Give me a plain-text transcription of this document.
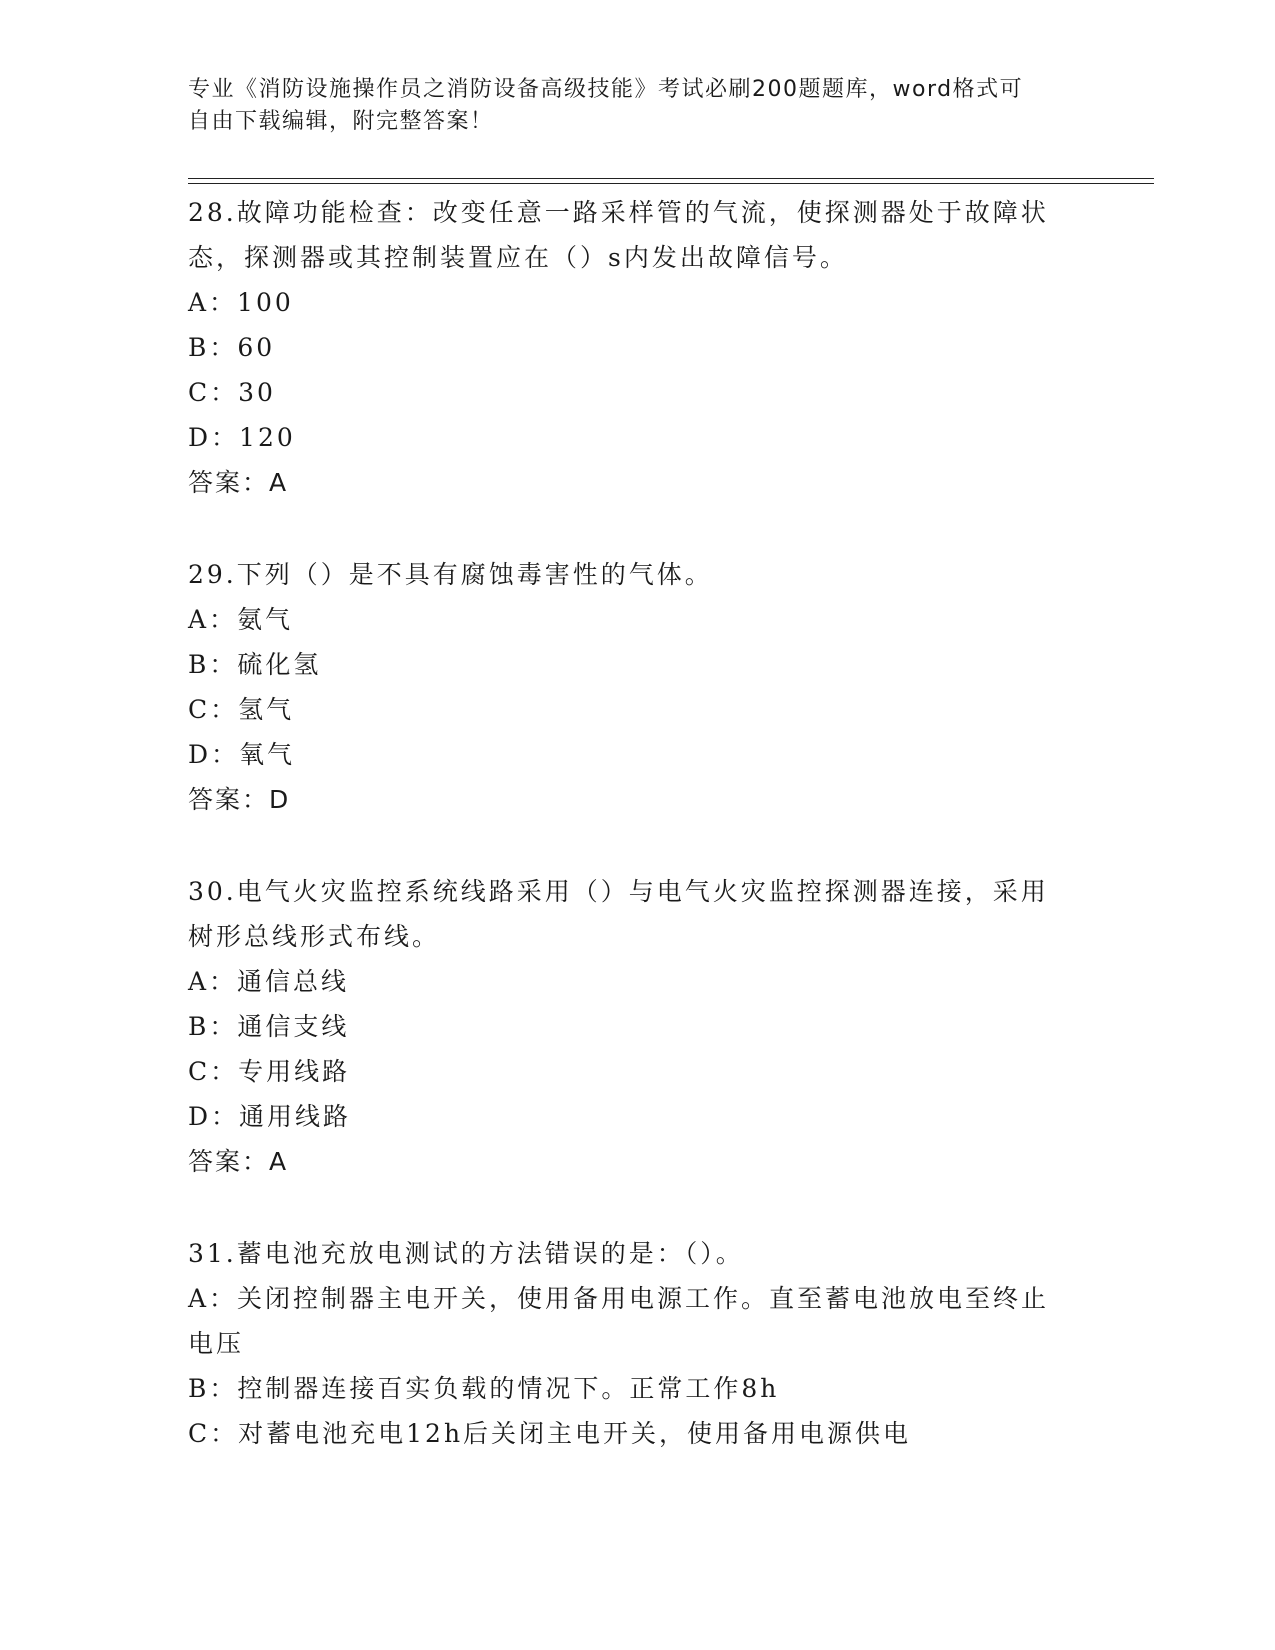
专业《消防设施操作员之消防设备高级技能》考试必刷200题题库，word格式可
自由下载编辑，附完整答案！
28.故障功能检查：改变任意一路采样管的气流，使探测器处于故障状
态，探测器或其控制装置应在（）s内发出故障信号。
A：100
B：60
C：30
D：120
答案：A
29.下列（）是不具有腐蚀毒害性的气体。
A：氨气
B：硫化氢
C：氢气
D：氧气
答案：D
30.电气火灾监控系统线路采用（）与电气火灾监控探测器连接，采用
树形总线形式布线。
A：通信总线
B：通信支线
C：专用线路
D：通用线路
答案：A
31.蓄电池充放电测试的方法错误的是：（）。
A：关闭控制器主电开关，使用备用电源工作。直至蓄电池放电至终止
电压
B：控制器连接百实负载的情况下。正常工作8h
C：对蓄电池充电12h后关闭主电开关，使用备用电源供电
